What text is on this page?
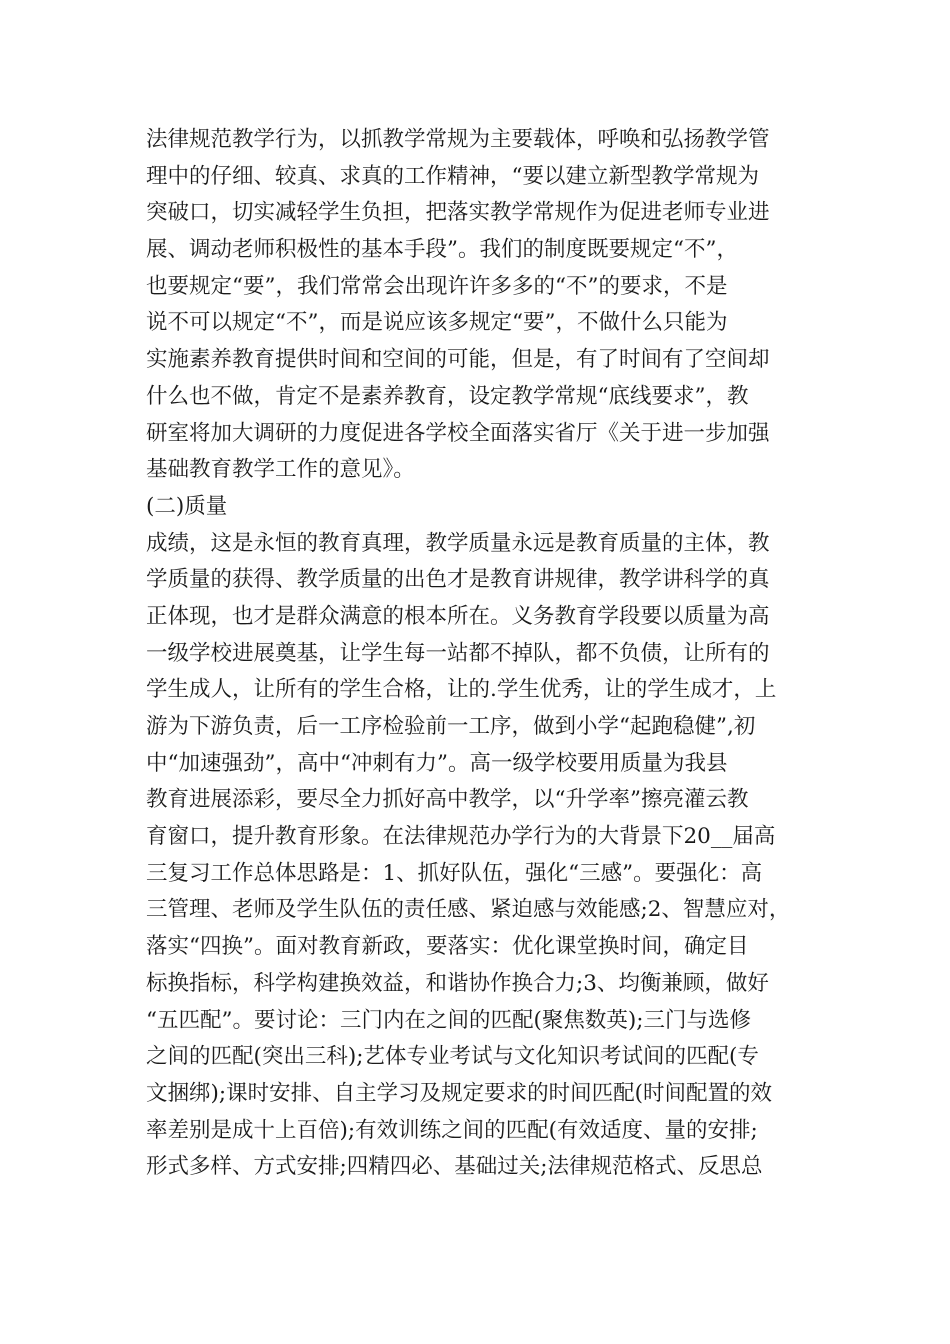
法律规范教学行为，以抓教学常规为主要载体，呼唤和弘扬教学管
理中的仔细、较真、求真的工作精神，“要以建立新型教学常规为
突破口，切实减轻学生负担，把落实教学常规作为促进老师专业进
展、调动老师积极性的基本手段”。我们的制度既要规定“不”，
也要规定“要”，我们常常会出现许许多多的“不”的要求，不是
说不可以规定“不”，而是说应该多规定“要”，不做什么只能为
实施素养教育提供时间和空间的可能，但是，有了时间有了空间却
什么也不做，肯定不是素养教育，设定教学常规“底线要求”，教
研室将加大调研的力度促进各学校全面落实省厅《关于进一步加强
基础教育教学工作的意见》。
(二)质量
成绩，这是永恒的教育真理，教学质量永远是教育质量的主体，教
学质量的获得、教学质量的出色才是教育讲规律，教学讲科学的真
正体现，也才是群众满意的根本所在。义务教育学段要以质量为高
一级学校进展奠基，让学生每一站都不掉队，都不负债，让所有的
学生成人，让所有的学生合格，让的.学生优秀，让的学生成才，上
游为下游负责，后一工序检验前一工序，做到小学“起跑稳健”,初
中“加速强劲”，高中“冲刺有力”。高一级学校要用质量为我县
教育进展添彩，要尽全力抓好高中教学，以“升学率”擦亮灌云教
育窗口，提升教育形象。在法律规范办学行为的大背景下20__届高
三复习工作总体思路是：1、抓好队伍，强化“三感”。要强化：高
三管理、老师及学生队伍的责任感、紧迫感与效能感;2、智慧应对，
落实“四换”。面对教育新政，要落实：优化课堂换时间，确定目
标换指标，科学构建换效益，和谐协作换合力;3、均衡兼顾，做好
“五匹配”。要讨论：三门内在之间的匹配(聚焦数英);三门与选修
之间的匹配(突出三科);艺体专业考试与文化知识考试间的匹配(专
文捆绑);课时安排、自主学习及规定要求的时间匹配(时间配置的效
率差别是成十上百倍);有效训练之间的匹配(有效适度、量的安排;
形式多样、方式安排;四精四必、基础过关;法律规范格式、反思总
